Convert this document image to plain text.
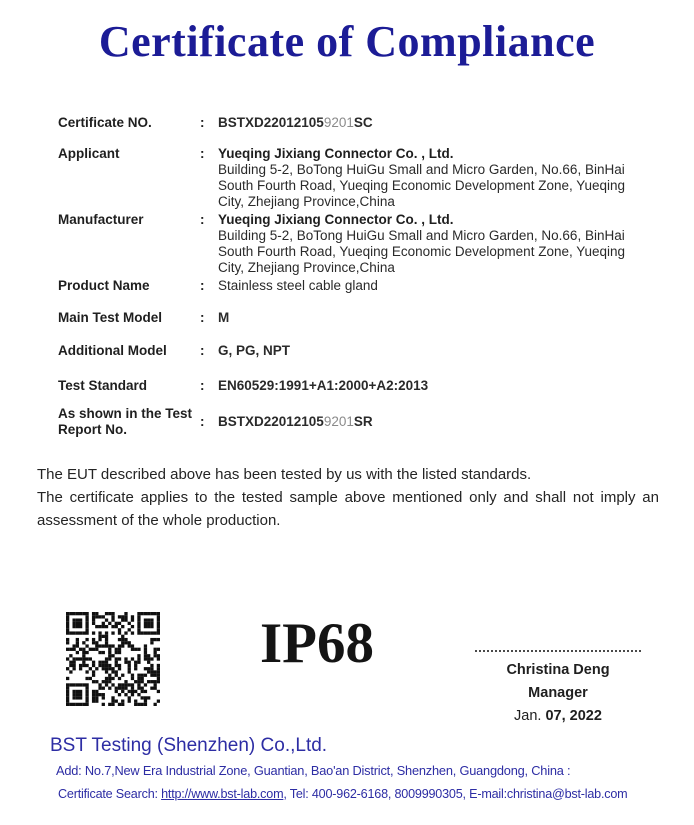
Certificate of Compliance
Certificate NO.	:	BSTXD220121059201SC
Applicant	:	Yueqing Jixiang Connector Co. , Ltd.
Building 5-2, BoTong HuiGu Small and Micro Garden, No.66, BinHai South Fourth Road, Yueqing Economic Development Zone, Yueqing City, Zhejiang Province,China
Manufacturer	:	Yueqing Jixiang Connector Co. , Ltd.
Building 5-2, BoTong HuiGu Small and Micro Garden, No.66, BinHai South Fourth Road, Yueqing Economic Development Zone, Yueqing City, Zhejiang Province,China
Product Name	:	Stainless steel cable gland
Main Test Model	:	M
Additional Model	:	G, PG, NPT
Test Standard	:	EN60529:1991+A1:2000+A2:2013
As shown in the Test Report No.
:	BSTXD220121059201SR
The EUT described above has been tested by us with the listed standards.
The certificate applies to the tested sample above mentioned only and shall not imply an assessment of the whole production.
IP68	Christina Deng
Manager
Jan. 07, 2022
BST Testing (Shenzhen) Co.,Ltd.
Add: No.7,New Era Industrial Zone, Guantian, Bao'an District, Shenzhen, Guangdong, China :
Certificate Search: http://www.bst-lab.com, Tel: 400-962-6168, 8009990305, E-mail:christina@bst-lab.com
